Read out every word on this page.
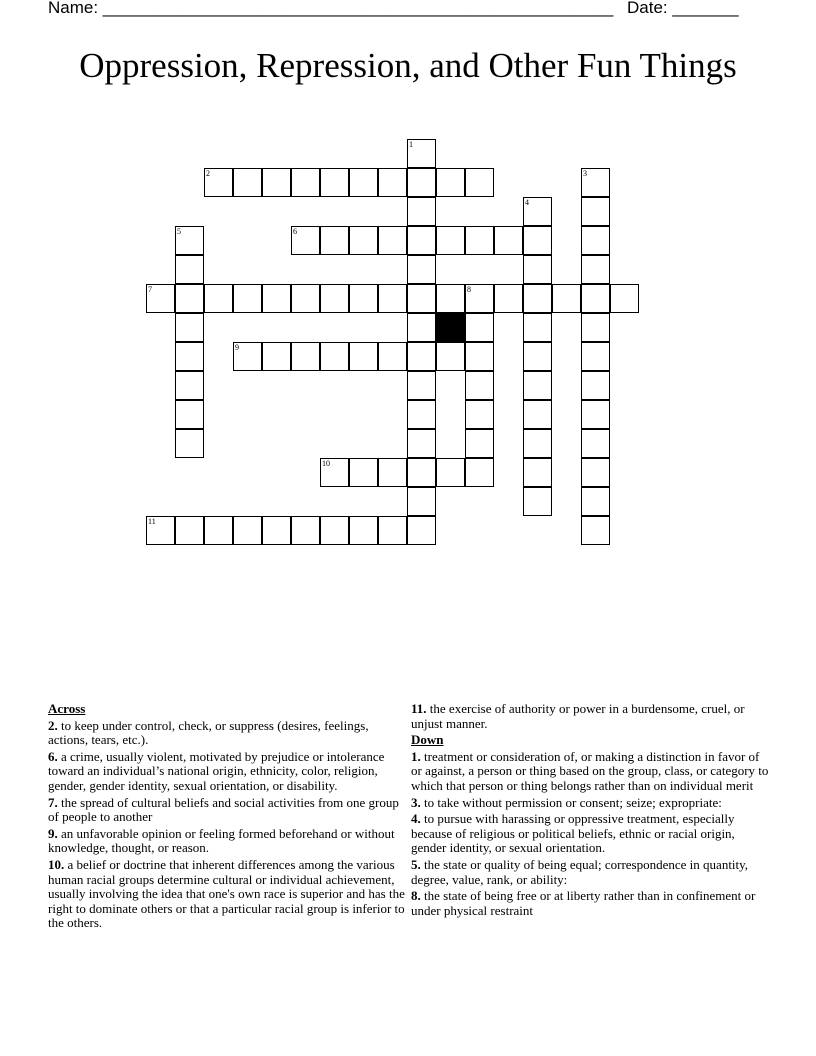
Name: ______________________________________________________ Date: _______
Oppression, Repression, and Other Fun Things
1
2	3
4
5	6
7	8
9
10
11
Across
2. to keep under control, check, or suppress (desires, feelings, actions, tears, etc.).
6. a crime, usually violent, motivated by prejudice or intolerance toward an individual’s national origin, ethnicity, color, religion, gender, gender identity, sexual orientation, or disability.
7. the spread of cultural beliefs and social activities from one group of people to another
9. an unfavorable opinion or feeling formed beforehand or without knowledge, thought, or reason.
10. a belief or doctrine that inherent differences among the various human racial groups determine cultural or individual achievement, usually involving the idea that one's own race is superior and has the right to dominate others or that a particular racial group is inferior to the others.
11. the exercise of authority or power in a burdensome, cruel, or unjust manner.
Down
1. treatment or consideration of, or making a distinction in favor of or against, a person or thing based on the group, class, or category to which that person or thing belongs rather than on individual merit
3. to take without permission or consent; seize; expropriate:
4. to pursue with harassing or oppressive treatment, especially because of religious or political beliefs, ethnic or racial origin, gender identity, or sexual orientation.
5. the state or quality of being equal; correspondence in quantity, degree, value, rank, or ability:
8. the state of being free or at liberty rather than in confinement or under physical restraint
